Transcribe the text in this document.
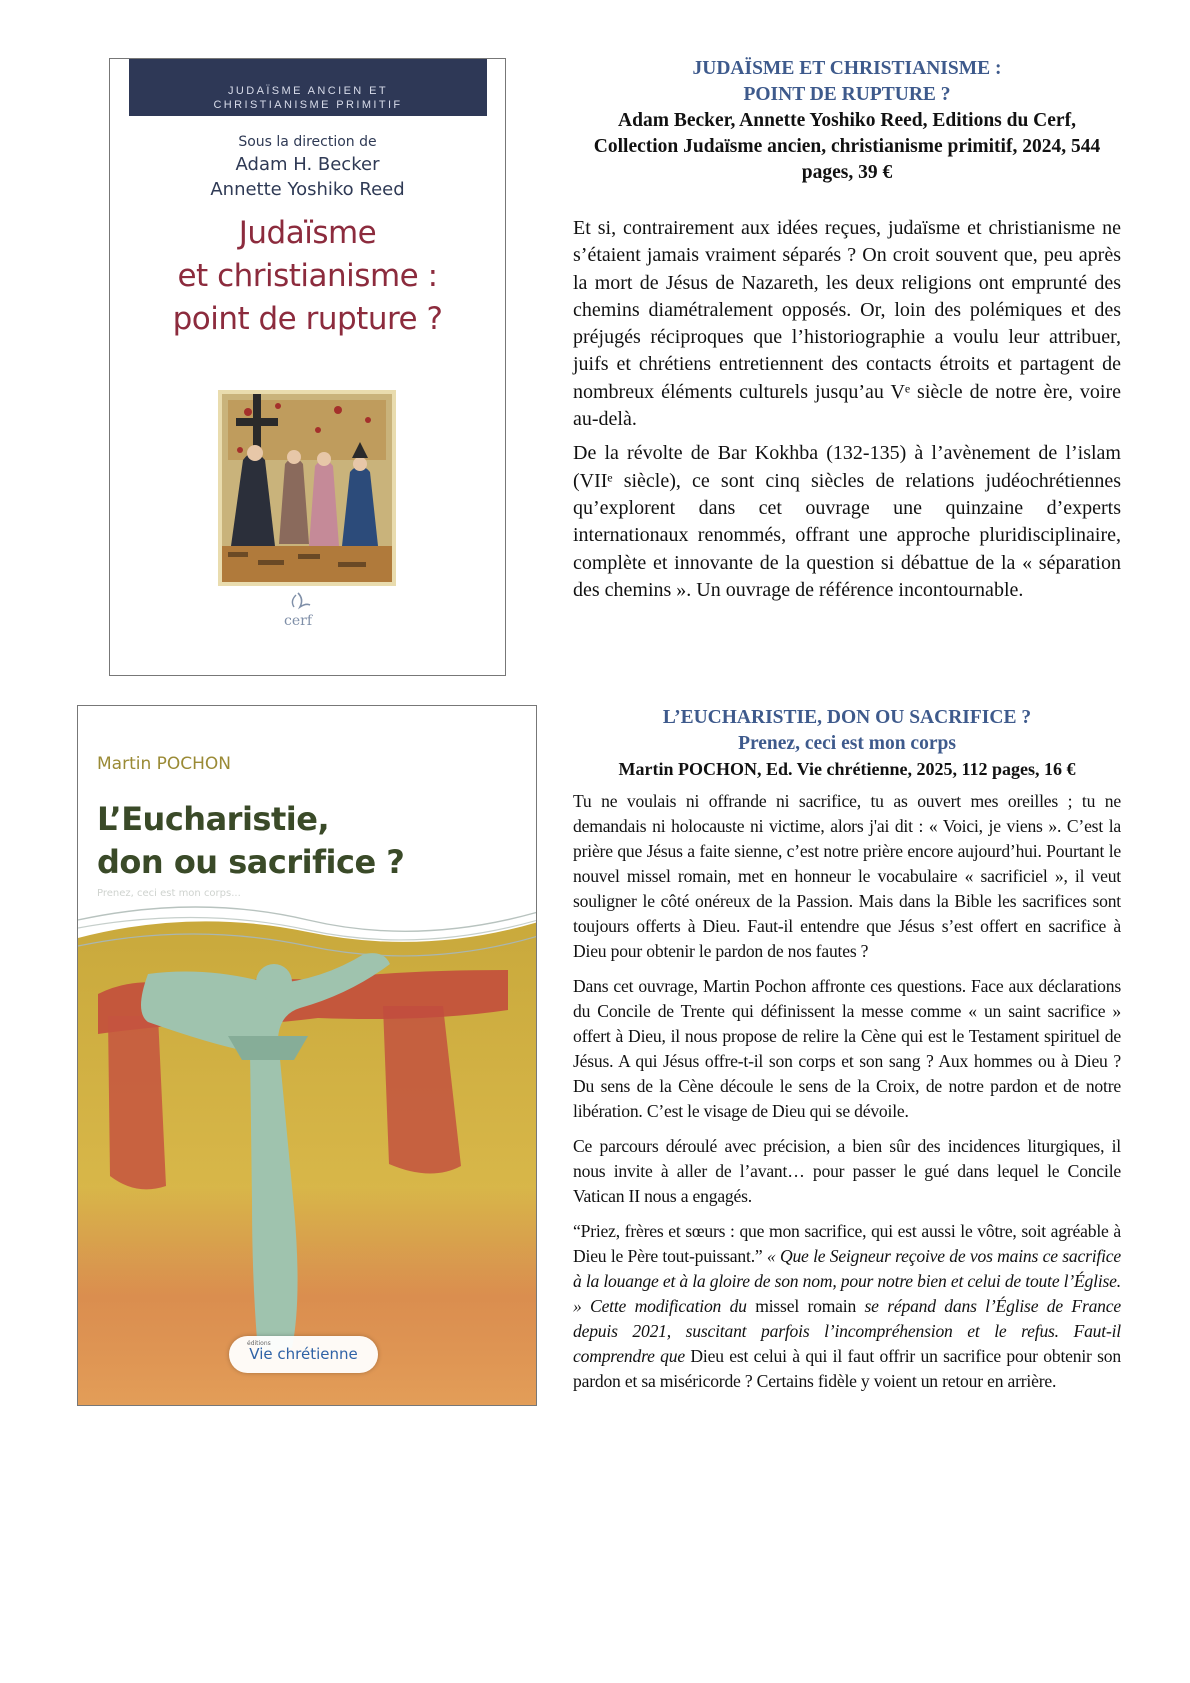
JUDAÏSME ANCIEN ET
CHRISTIANISME PRIMITIF
Sous la direction de
Adam H. Becker
Annette Yoshiko Reed
Judaïsme
et christianisme :
point de rupture ?
cerf
JUDAÏSME ET CHRISTIANISME :
POINT DE RUPTURE ?
Adam Becker, Annette Yoshiko Reed, Editions du Cerf, Collection Judaïsme ancien, christianisme primitif, 2024, 544 pages, 39 €

Et si, contrairement aux idées reçues, judaïsme et christianisme ne s’étaient jamais vraiment séparés ? On croit souvent que, peu après la mort de Jésus de Nazareth, les deux religions ont emprunté des chemins diamétralement opposés. Or, loin des polémiques et des préjugés réciproques que l’historiographie a voulu leur attribuer, juifs et chrétiens entretiennent des contacts étroits et partagent de nombreux éléments culturels jusqu’au Vᵉ siècle de notre ère, voire au-delà.

De la révolte de Bar Kokhba (132-135) à l’avènement de l’islam (VIIᵉ siècle), ce sont cinq siècles de relations judéochrétiennes qu’explorent dans cet ouvrage une quinzaine d’experts internationaux renommés, offrant une approche pluridisciplinaire, complète et innovante de la question si débattue de la « séparation des chemins ». Un ouvrage de référence incontournable.

Martin POCHON
L’Eucharistie,
don ou sacrifice ?
Prenez, ceci est mon corps...
éditions
Vie chrétienne
L’EUCHARISTIE, DON OU SACRIFICE ?
Prenez, ceci est mon corps
Martin POCHON, Ed. Vie chrétienne, 2025, 112 pages, 16 €

Tu ne voulais ni offrande ni sacrifice, tu as ouvert mes oreilles ; tu ne demandais ni holocauste ni victime, alors j'ai dit : « Voici, je viens ». C’est la prière que Jésus a faite sienne, c’est notre prière encore aujourd’hui. Pourtant le nouvel missel romain, met en honneur le vocabulaire « sacrificiel », il veut souligner le côté onéreux de la Passion. Mais dans la Bible les sacrifices sont toujours offerts à Dieu. Faut-il entendre que Jésus s’est offert en sacrifice à Dieu pour obtenir le pardon de nos fautes ?

Dans cet ouvrage, Martin Pochon affronte ces questions. Face aux déclarations du Concile de Trente qui définissent la messe comme « un saint sacrifice » offert à Dieu, il nous propose de relire la Cène qui est le Testament spirituel de Jésus. A qui Jésus offre-t-il son corps et son sang ? Aux hommes ou à Dieu ? Du sens de la Cène découle le sens de la Croix, de notre pardon et de notre libération. C’est le visage de Dieu qui se dévoile.

Ce parcours déroulé avec précision, a bien sûr des incidences liturgiques, il nous invite à aller de l’avant… pour passer le gué dans lequel le Concile Vatican II nous a engagés.

“Priez, frères et sœurs : que mon sacrifice, qui est aussi le vôtre, soit agréable à Dieu le Père tout-puissant.” « Que le Seigneur reçoive de vos mains ce sacrifice à la louange et à la gloire de son nom, pour notre bien et celui de toute l’Église. » Cette modification du missel romain se répand dans l’Église de France depuis 2021, suscitant parfois l’incompréhension et le refus. Faut-il comprendre que Dieu est celui à qui il faut offrir un sacrifice pour obtenir son pardon et sa miséricorde ? Certains fidèle y voient un retour en arrière.
